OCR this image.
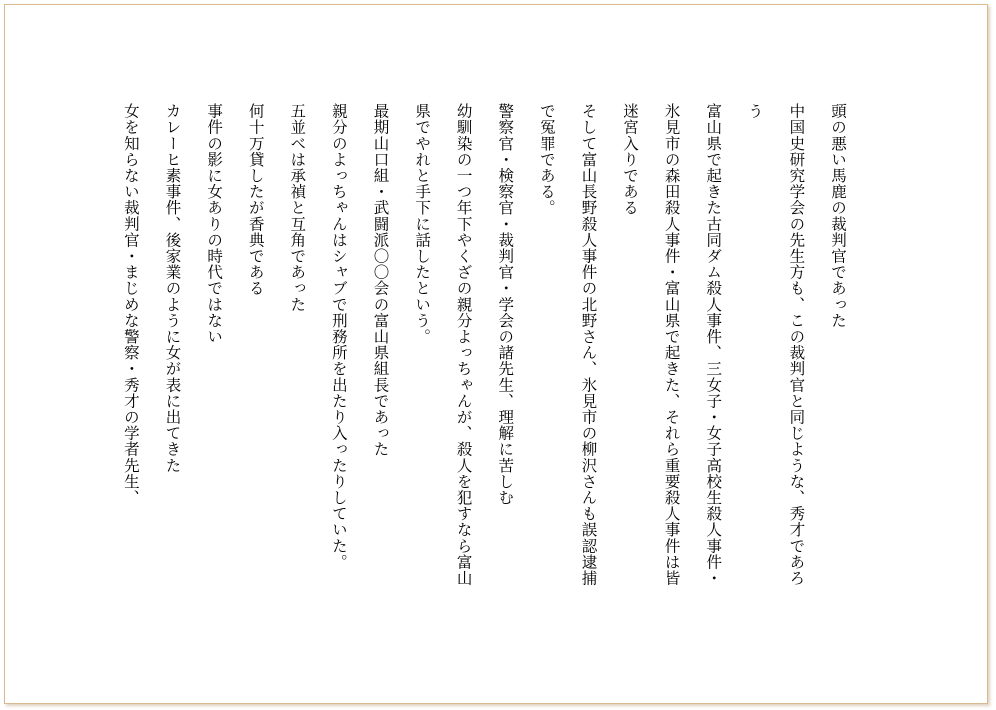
頭の悪い馬鹿の裁判官であった
中国史研究学会の先生方も、この裁判官と同じような、秀才であろ
う
富山県で起きた古同ダム殺人事件、三女子・女子高校生殺人事件・
氷見市の森田殺人事件・富山県で起きた、それら重要殺人事件は皆
迷宮入りである
そして富山長野殺人事件の北野さん、氷見市の柳沢さんも誤認逮捕
で冤罪である。
警察官・検察官・裁判官・学会の諸先生、理解に苦しむ
幼馴染の一つ年下やくざの親分よっちゃんが、殺人を犯すなら富山
県でやれと手下に話したという。
最期山口組・武闘派〇〇会の富山県組長であった
親分のよっちゃんはシャブで刑務所を出たり入ったりしていた。
五並べは承禎と互角であった
何十万貸したが香典である
事件の影に女ありの時代ではない
カレーヒ素事件、後家業のように女が表に出てきた
女を知らない裁判官・まじめな警察・秀才の学者先生、
